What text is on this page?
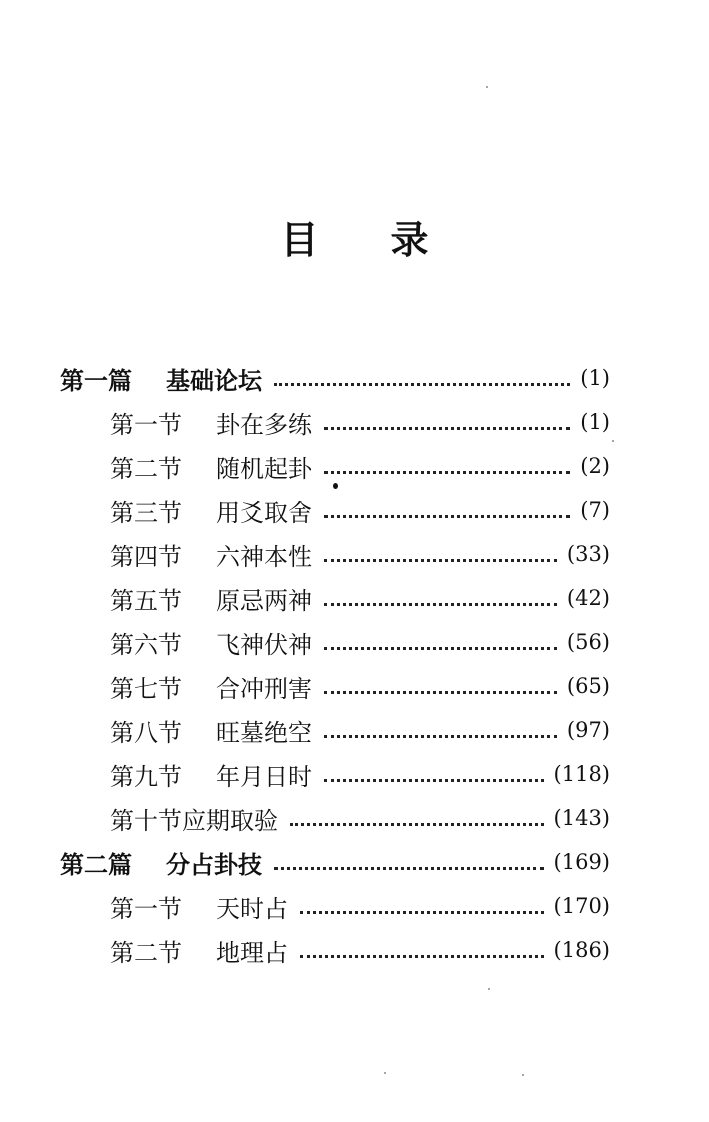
目 录
第一篇	基础论坛	(1)
第一节	卦在多练	(1)
第二节	随机起卦	(2)
第三节	用爻取舍	(7)
第四节	六神本性	(33)
第五节	原忌两神	(42)
第六节	飞神伏神	(56)
第七节	合冲刑害	(65)
第八节	旺墓绝空	(97)
第九节	年月日时	(118)
第十节 应期取验	(143)
第二篇	分占卦技	(169)
第一节	天时占	(170)
第二节	地理占	(186)
